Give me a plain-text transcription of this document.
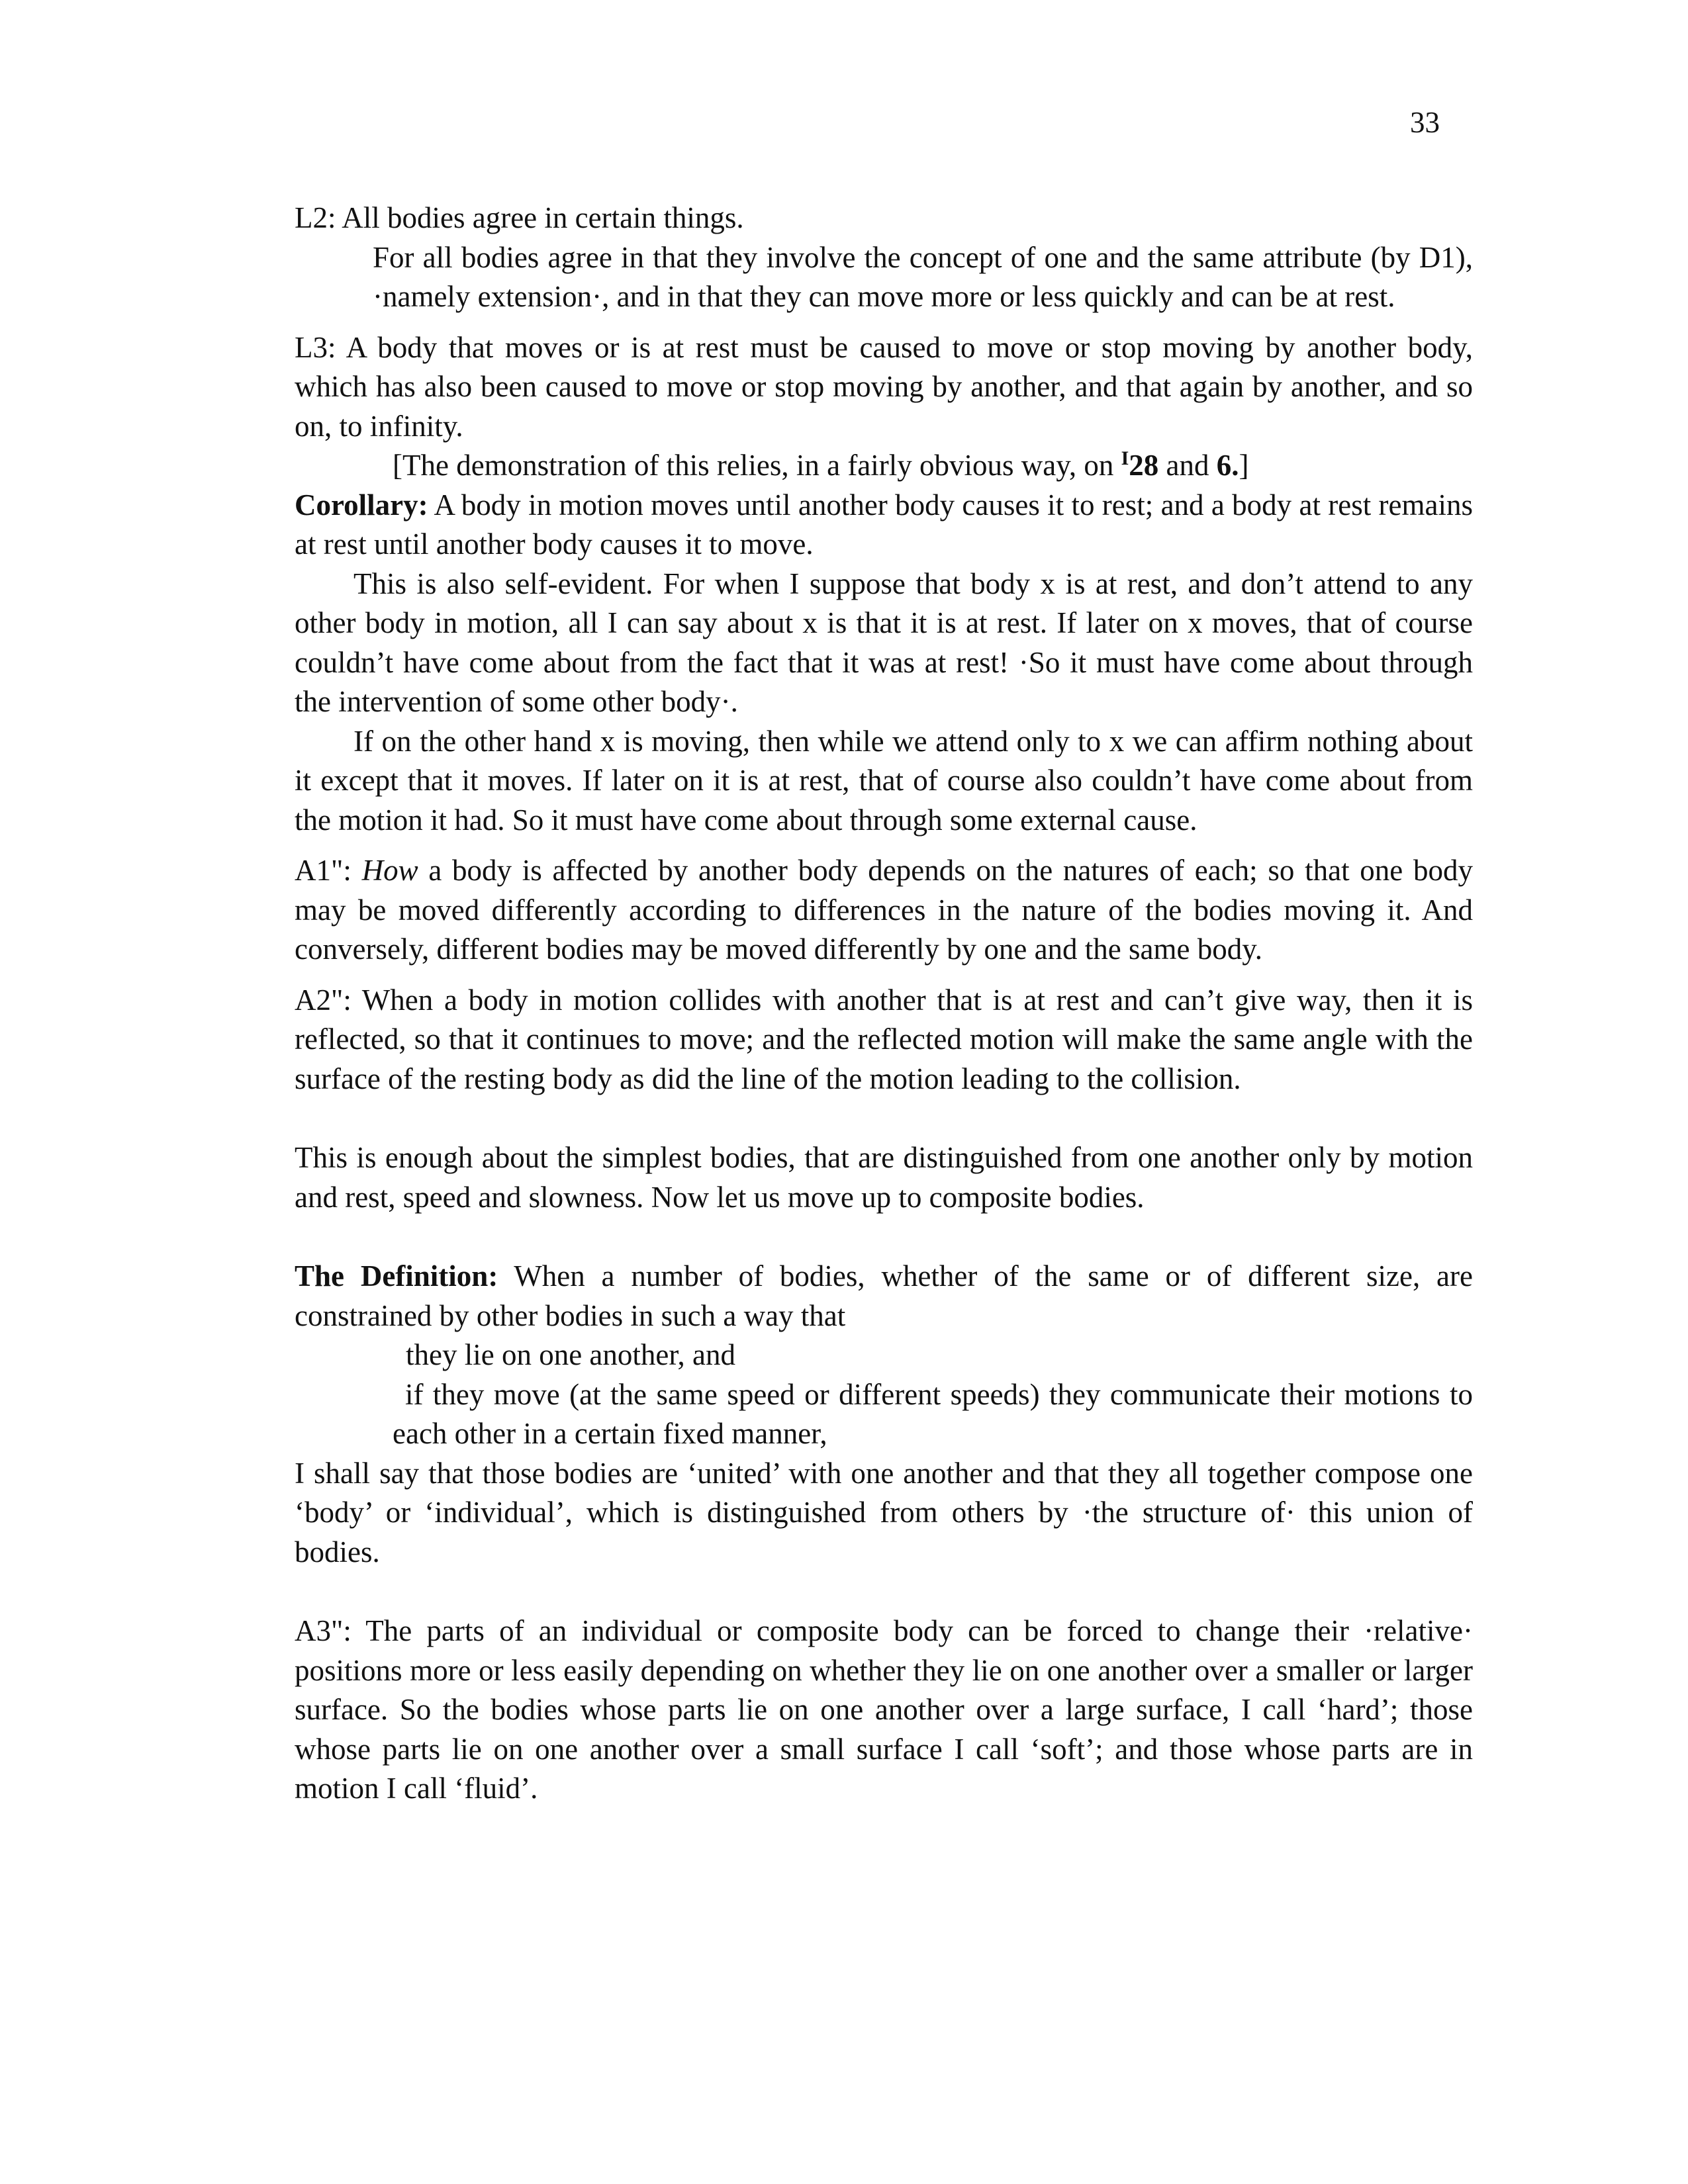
33

L2: All bodies agree in certain things.

For all bodies agree in that they involve the concept of one and the same attribute (by D1), ·namely extension·, and in that they can move more or less quickly and can be at rest.

L3: A body that moves or is at rest must be caused to move or stop moving by another body, which has also been caused to move or stop moving by another, and that again by another, and so on, to infinity.

[The demonstration of this relies, in a fairly obvious way, on $^I$28 and 6.]

Corollary: A body in motion moves until another body causes it to rest; and a body at rest remains at rest until another body causes it to move.

This is also self-evident. For when I suppose that body x is at rest, and don’t attend to any other body in motion, all I can say about x is that it is at rest. If later on x moves, that of course couldn’t have come about from the fact that it was at rest! ·So it must have come about through the intervention of some other body·.

If on the other hand x is moving, then while we attend only to x we can affirm nothing about it except that it moves. If later on it is at rest, that of course also couldn’t have come about from the motion it had. So it must have come about through some external cause.

A1": How a body is affected by another body depends on the natures of each; so that one body may be moved differently according to differences in the nature of the bodies moving it. And conversely, different bodies may be moved differently by one and the same body.

A2": When a body in motion collides with another that is at rest and can’t give way, then it is reflected, so that it continues to move; and the reflected motion will make the same angle with the surface of the resting body as did the line of the motion leading to the collision.

This is enough about the simplest bodies, that are distinguished from one another only by motion and rest, speed and slowness. Now let us move up to composite bodies.

The Definition: When a number of bodies, whether of the same or of different size, are constrained by other bodies in such a way that

they lie on one another, and

if they move (at the same speed or different speeds) they communicate their motions to each other in a certain fixed manner,

I shall say that those bodies are ‘united’ with one another and that they all together compose one ‘body’ or ‘individual’, which is distinguished from others by ·the structure of· this union of bodies.

A3": The parts of an individual or composite body can be forced to change their ·relative· positions more or less easily depending on whether they lie on one another over a smaller or larger surface. So the bodies whose parts lie on one another over a large surface, I call ‘hard’; those whose parts lie on one another over a small surface I call ‘soft’; and those whose parts are in motion I call ‘fluid’.
